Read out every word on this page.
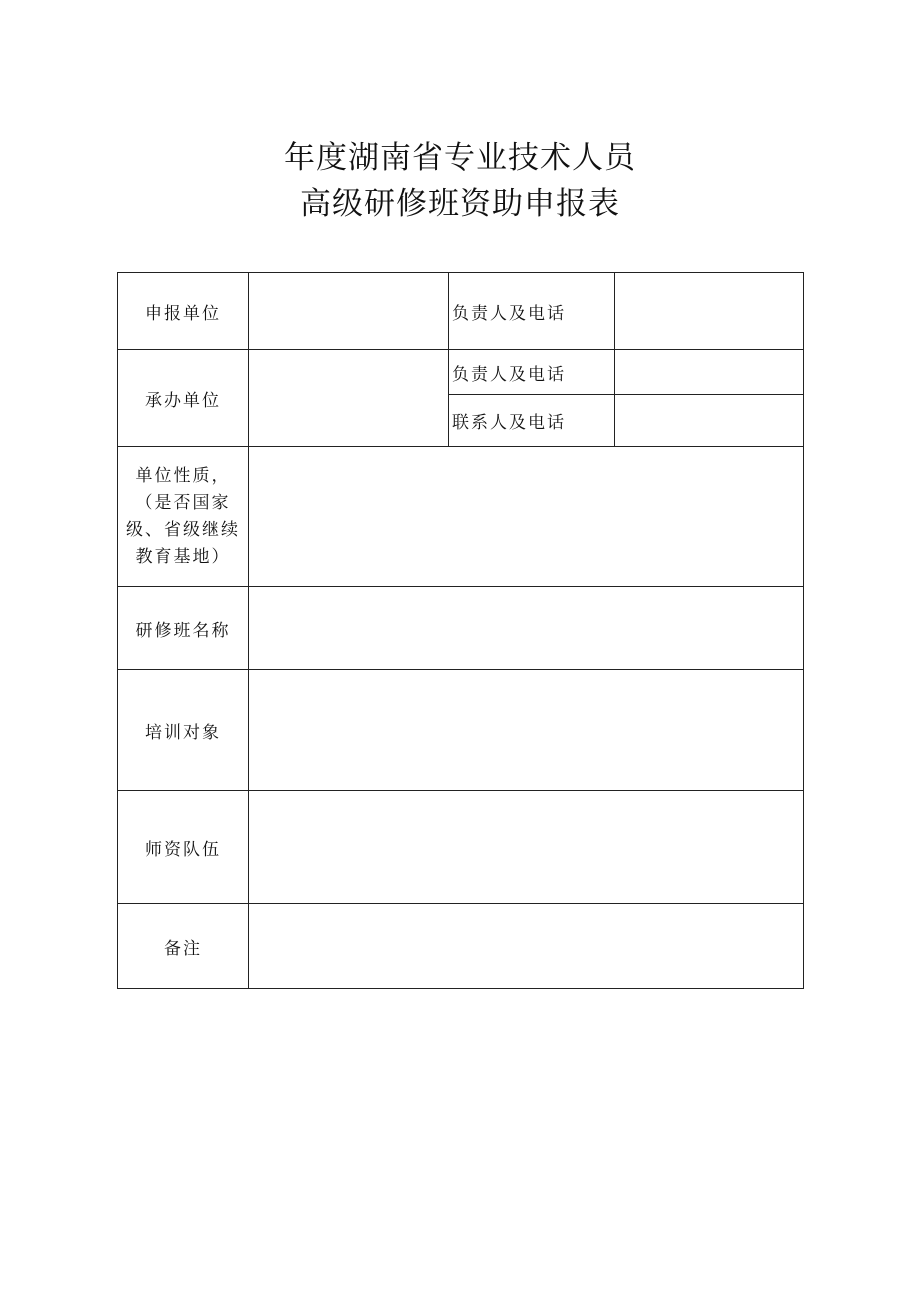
年度湖南省专业技术人员
高级研修班资助申报表
申报单位		负责人及电话	
承办单位		负责人及电话	
		联系人及电话	

单位性质，（是否国家级、省级继续教育基地）			

研修班名称			
培训对象			
师资队伍			
备注			
